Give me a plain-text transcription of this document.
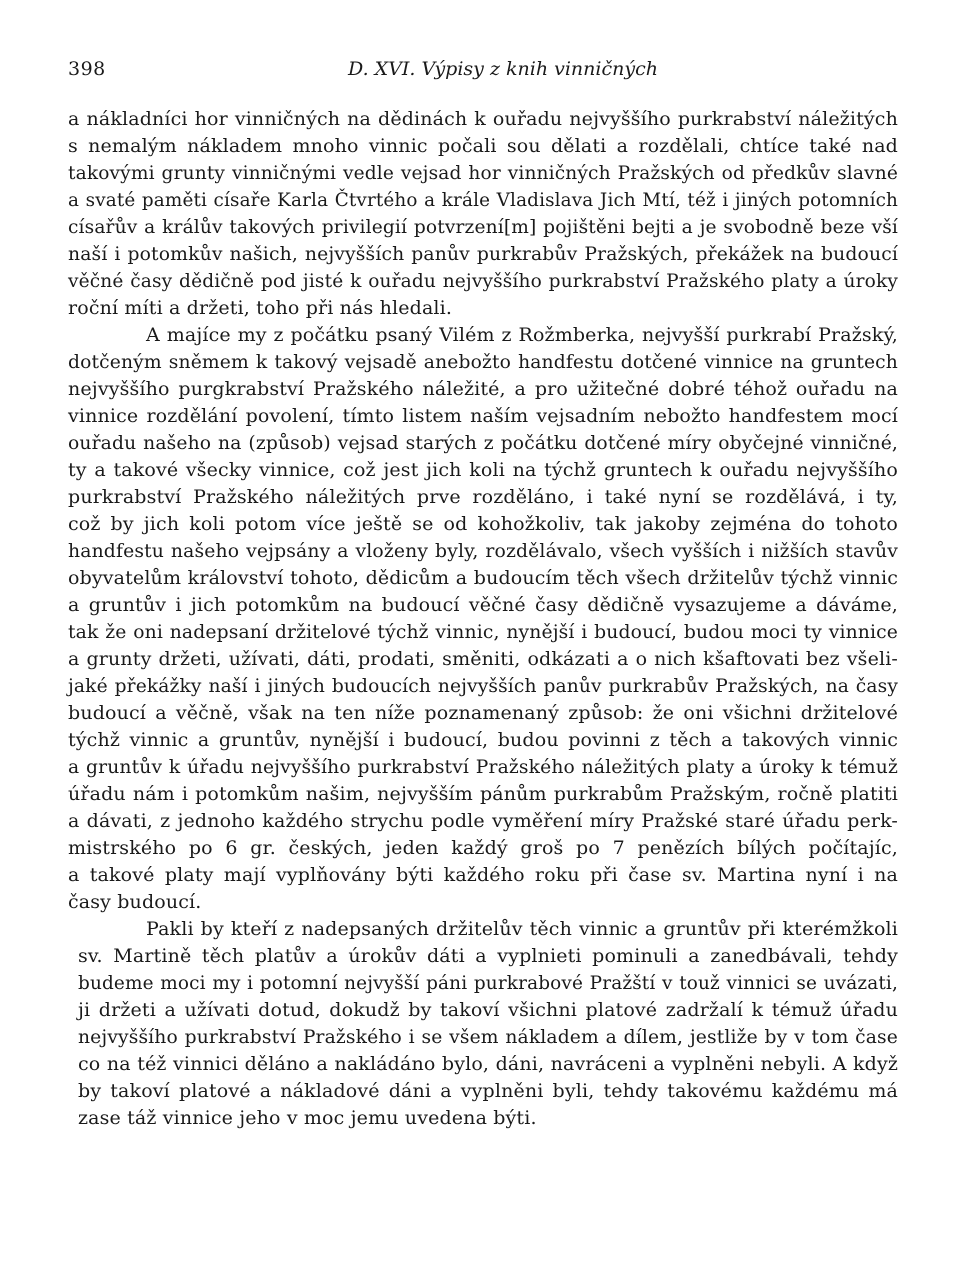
398	D. XVI. Výpisy z knih vinničných

a nákladníci hor vinničných na dědinách k ouřadu nejvyššího purkrabství náležitých
s nemalým nákladem mnoho vinnic počali sou dělati a rozdělali, chtíce také nad
takovými grunty vinničnými vedle vejsad hor vinničných Pražských od předkův slavné
a svaté paměti císaře Karla Čtvrtého a krále Vladislava Jich Mtí, též i jiných potomních
císařův a králův takových privilegií potvrzení[m] pojištěni bejti a je svobodně beze vší
naší i potomkův našich, nejvyšších panův purkrabův Pražských, překážek na budoucí
věčné časy dědičně pod jisté k ouřadu nejvyššího purkrabství Pražského platy a úroky
roční míti a držeti, toho při nás hledali.

A majíce my z počátku psaný Vilém z Rožmberka, nejvyšší purkrabí Pražský,
dotčeným sněmem k takový vejsadě anebožto handfestu dotčené vinnice na gruntech
nejvyššího purgkrabství Pražského náležité, a pro užitečné dobré téhož ouřadu na
vinnice rozdělání povolení, tímto listem naším vejsadním nebožto handfestem mocí
ouřadu našeho na (způsob) vejsad starých z počátku dotčené míry obyčejné vinničné,
ty a takové všecky vinnice, což jest jich koli na týchž gruntech k ouřadu nejvyššího
purkrabství Pražského náležitých prve rozděláno, i také nyní se rozdělává, i ty,
což by jich koli potom více ještě se od kohožkoliv, tak jakoby zejména do tohoto
handfestu našeho vejpsány a vloženy byly, rozdělávalo, všech vyšších i nižších stavův
obyvatelům království tohoto, dědicům a budoucím těch všech držitelův týchž vinnic
a gruntův i jich potomkům na budoucí věčné časy dědičně vysazujeme a dáváme,
tak že oni nadepsaní držitelové týchž vinnic, nynější i budoucí, budou moci ty vinnice
a grunty držeti, užívati, dáti, prodati, směniti, odkázati a o nich kšaftovati bez všeli-
jaké překážky naší i jiných budoucích nejvyšších panův purkrabův Pražských, na časy
budoucí a věčně, však na ten níže poznamenaný způsob: že oni všichni držitelové
týchž vinnic a gruntův, nynější i budoucí, budou povinni z těch a takových vinnic
a gruntův k úřadu nejvyššího purkrabství Pražského náležitých platy a úroky k témuž
úřadu nám i potomkům našim, nejvyšším pánům purkrabům Pražským, ročně platiti
a dávati, z jednoho každého strychu podle vyměření míry Pražské staré úřadu perk-
mistrského po 6 gr. českých, jeden každý groš po 7 penězích bílých počítajíc,
a takové platy mají vyplňovány býti každého roku při čase sv. Martina nyní i na
časy budoucí.

Pakli by kteří z nadepsaných držitelův těch vinnic a gruntův při kterémžkoli
sv. Martině těch platův a úrokův dáti a vyplnieti pominuli a zanedbávali, tehdy
budeme moci my i potomní nejvyšší páni purkrabové Pražští v touž vinnici se uvázati,
ji držeti a užívati dotud, dokudž by takoví všichni platové zadržalí k témuž úřadu
nejvyššího purkrabství Pražského i se všem nákladem a dílem, jestliže by v tom čase
co na též vinnici děláno a nakládáno bylo, dáni, navráceni a vyplněni nebyli. A když
by takoví platové a nákladové dáni a vyplněni byli, tehdy takovému každému má
zase táž vinnice jeho v moc jemu uvedena býti.
